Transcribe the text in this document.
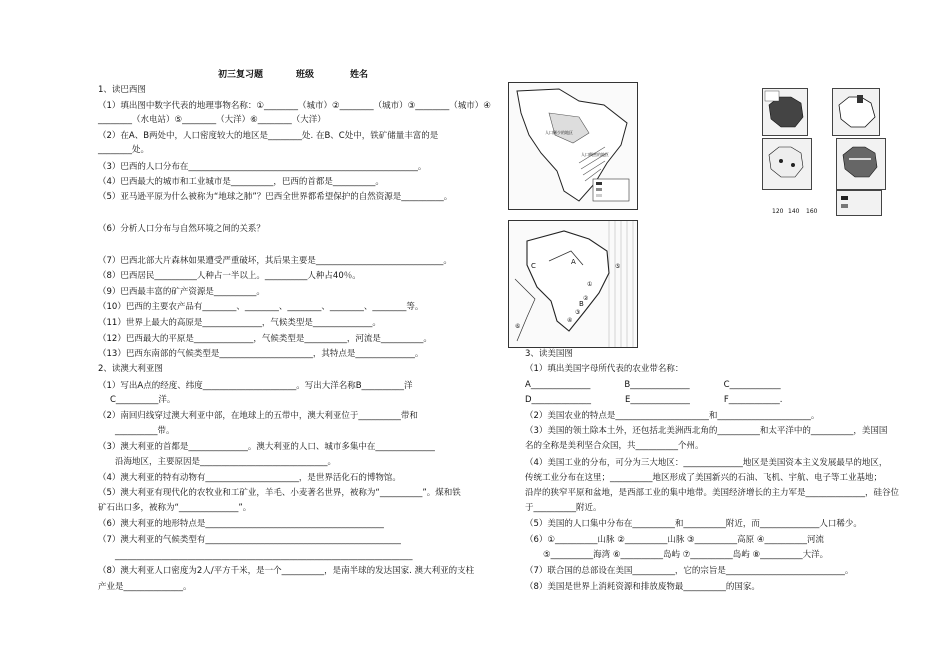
初三复习题	班级	姓名
1、读巴西图
（1）填出图中数字代表的地理事物名称：①________（城市）②________（城市）③________（城市）④
________（水电站）⑤________（大洋）⑥________（大洋）
（2）在A、B两处中，人口密度较大的地区是________处. 在B、C处中，铁矿储量丰富的是
________处。
（3）巴西的人口分布在______________________________________________________。
（4）巴西最大的城市和工业城市是__________，巴西的首都是__________。
（5）亚马逊平原为什么被称为“地球之肺”？巴西全世界都希望保护的自然资源是__________。
（6）分析人口分布与自然环境之间的关系？
（7）巴西北部大片森林如果遭受严重破坏，其后果主要是______________________________。
（8）巴西居民__________人种占一半以上。__________人种占40％。
（9）巴西最丰富的矿产资源是__________。
（10）巴西的主要农产品有________、________、________、________、________等。
（11）世界上最大的高原是______________，气候类型是______________。
（12）巴西最大的平原是______________，气候类型是__________，河流是__________。
（13）巴西东南部的气候类型是______________________，其特点是______________。
2、读澳大利亚图
（1）写出A点的经度、纬度______________________。写出大洋名称B__________洋
C__________洋。
（2）南回归线穿过澳大利亚中部，在地球上的五带中，澳大利亚位于__________带和
__________带。
（3）澳大利亚的首都是______________。澳大利亚的人口、城市多集中在______________
沿海地区，主要原因是______________________________。
（4）澳大利亚的特有动物有______________________，是世界活化石的博物馆。
（5）澳大利亚有现代化的农牧业和工矿业，羊毛、小麦著名世界，被称为“__________”。煤和铁
矿石出口多，被称为“______________”。
（6）澳大利亚的地形特点是__________________________________________
（7）澳大利亚的气候类型有______________________________________________
______________________________________________________________________
（8）澳大利亚人口密度为2人/平方千米，是一个__________，是南半球的发达国家. 澳大利亚的支柱
产业是______________。
3、读美国图
（1）填出美国字母所代表的农业带名称：
A______________　　　　B______________　　　　C____________
D______________　　　　E______________　　　　F____________.
（2）美国农业的特点是______________________和______________________。
（3）美国的领土除本土外，还包括北美洲西北角的__________和太平洋中的__________，美国国
名的全称是美利坚合众国，共__________个州。
（4）美国工业的分布，可分为三大地区：______________地区是美国资本主义发展最早的地区，
传统工业分布在这里；__________地区形成了美国新兴的石油、飞机、宇航、电子等工业基地；
沿岸的狭窄平原和盆地，是西部工业的集中地带。美国经济增长的主力军是______________，硅谷位
于__________附近。
（5）美国的人口集中分布在__________和__________附近，而______________人口稀少。
（6）①__________山脉 ②__________山脉 ③__________高原 ④__________河流
⑤__________海湾 ⑥__________岛屿 ⑦__________岛屿 ⑧__________大洋。
（7）联合国的总部设在美国__________，它的宗旨是____________________________。
（8）美国是世界上消耗资源和排放废物最__________的国家。
人口稀少的地区
人口稠密的地区
A
B
C
①
②
③
④
⑤
⑥
120 140 160
